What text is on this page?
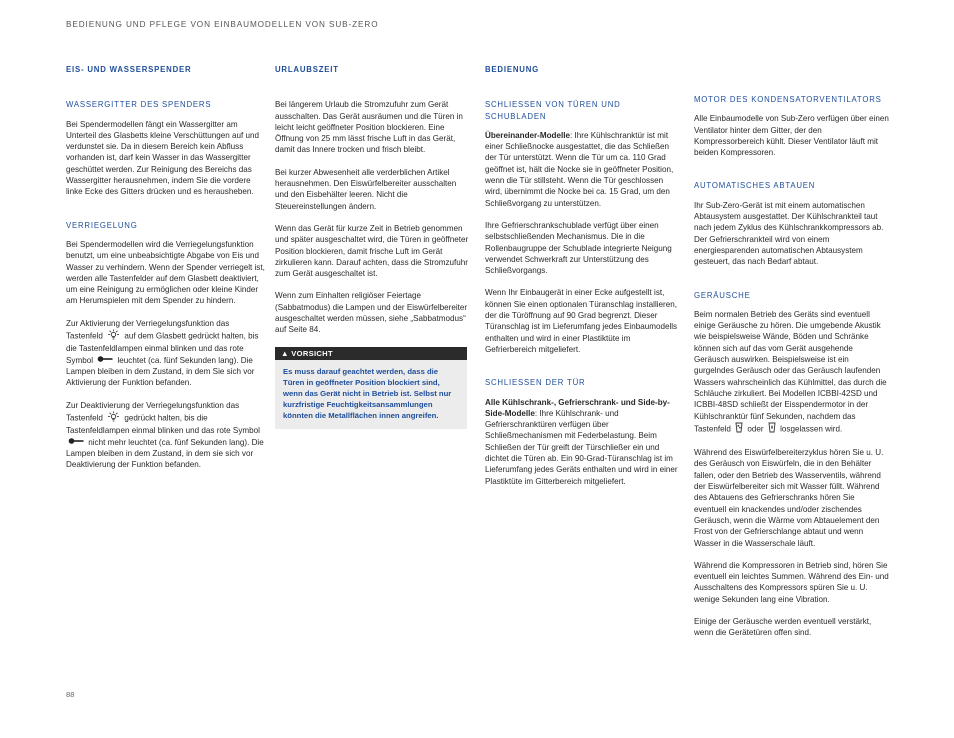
BEDIENUNG UND PFLEGE VON EINBAUMODELLEN VON SUB-ZERO
EIS- UND WASSERSPENDER
WASSERGITTER DES SPENDERS

Bei Spendermodellen fängt ein Wassergitter am Unterteil des Glasbetts kleine Verschüttungen auf und verdunstet sie. Da in diesem Bereich kein Abfluss vorhanden ist, darf kein Wasser in das Wassergitter geschüttet werden. Zur Reinigung des Bereichs das Wassergitter herausnehmen, indem Sie die vordere linke Ecke des Gitters drücken und es herausheben.

VERRIEGELUNG

Bei Spendermodellen wird die Verriegelungsfunktion benutzt, um eine unbeabsichtigte Abgabe von Eis und Wasser zu verhindern. Wenn der Spender verriegelt ist, werden alle Tastenfelder auf dem Glasbett deaktiviert, um eine Reinigung zu ermöglichen oder kleine Kinder am Herumspielen mit dem Spender zu hindern.

Zur Aktivierung der Verriegelungsfunktion das Tastenfeld	auf dem Glasbett gedrückt halten, bis die Tastenfeldlampen einmal blinken und das rote Symbol	leuchtet (ca. fünf Sekunden lang). Die Lampen bleiben in dem Zustand, in dem Sie sich vor Aktivierung der Funktion befanden.

Zur Deaktivierung der Verriegelungsfunktion das Tastenfeld	gedrückt halten, bis die Tastenfeldlampen einmal blinken und das rote Symbol  nicht mehr leuchtet (ca. fünf Sekunden lang). Die Lampen bleiben in dem Zustand, in dem sie sich vor Deaktivierung der Funktion befanden.

URLAUBSZEIT

Bei längerem Urlaub die Stromzufuhr zum Gerät ausschalten. Das Gerät ausräumen und die Türen in leicht leicht geöffneter Position blockieren. Eine Öffnung von 25 mm lässt frische Luft in das Gerät, damit das Innere trocken und frisch bleibt.

Bei kurzer Abwesenheit alle verderblichen Artikel herausnehmen. Den Eiswürfelbereiter ausschalten und den Eisbehälter leeren. Nicht die Steuereinstellungen ändern.

Wenn das Gerät für kurze Zeit in Betrieb genommen und später ausgeschaltet wird, die Türen in geöffneter Position blockieren, damit frische Luft im Gerät zirkulieren kann. Darauf achten, dass die Stromzufuhr zum Gerät ausgeschaltet ist.

Wenn zum Einhalten religiöser Feiertage (Sabbatmodus) die Lampen und der Eiswürfelbereiter ausgeschaltet werden müssen, siehe „Sabbatmodus“ auf Seite 84.

▲ VORSICHT
Es muss darauf geachtet werden, dass die Türen in geöffneter Position blockiert sind, wenn das Gerät nicht in Betrieb ist. Selbst nur kurzfristige Feuchtigkeitsansammlungen könnten die Metallflächen innen angreifen.
BEDIENUNG
SCHLIESSEN VON TÜREN UND SCHUBLADEN

Übereinander-Modelle: Ihre Kühlschranktür ist mit einer Schließnocke ausgestattet, die das Schließen der Tür unterstützt. Wenn die Tür um ca. 110 Grad geöffnet ist, hält die Nocke sie in geöffneter Position, wenn die Tür stillsteht. Wenn die Tür geschlossen wird, übernimmt die Nocke bei ca. 15 Grad, um den Schließvorgang zu unterstützen.

Ihre Gefrierschrankschublade verfügt über einen selbstschließenden Mechanismus. Die in die Rollenbaugruppe der Schublade integrierte Neigung verwendet Schwerkraft zur Unterstützung des Schließvorgangs.

Wenn Ihr Einbaugerät in einer Ecke aufgestellt ist, können Sie einen optionalen Türanschlag installieren, der die Türöffnung auf 90 Grad begrenzt. Dieser Türanschlag ist im Lieferumfang jedes Einbaumodells enthalten und wird in einer Plastiktüte im Gefrierbereich mitgeliefert.

SCHLIESSEN DER TÜR

Alle Kühlschrank-, Gefrierschrank- und Side-by-Side-Modelle: Ihre Kühlschrank- und Gefrierschranktüren verfügen über Schließmechanismen mit Federbelastung. Beim Schließen der Tür greift der Türschließer ein und dichtet die Türen ab. Ein 90-Grad-Türanschlag ist im Lieferumfang jedes Geräts enthalten und wird in einer Plastiktüte im Gitterbereich mitgeliefert.

MOTOR DES KONDENSATORVENTILATORS

Alle Einbaumodelle von Sub-Zero verfügen über einen Ventilator hinter dem Gitter, der den Kompressorbereich kühlt. Dieser Ventilator läuft mit beiden Kompressoren.

AUTOMATISCHES ABTAUEN

Ihr Sub-Zero-Gerät ist mit einem automatischen Abtausystem ausgestattet. Der Kühlschrankteil taut nach jedem Zyklus des Kühlschrankkompressors ab. Der Gefrierschrankteil wird von einem energiesparenden automatischen Abtausystem gesteuert, das nach Bedarf abtaut.

GERÄUSCHE

Beim normalen Betrieb des Geräts sind eventuell einige Geräusche zu hören. Die umgebende Akustik wie beispielsweise Wände, Böden und Schränke können sich auf das vom Gerät ausgehende Geräusch auswirken. Beispielsweise ist ein gurgelndes Geräusch oder das Geräusch laufenden Wassers wahrscheinlich das Kühlmittel, das durch die Schläuche zirkuliert. Bei Modellen ICBBI-42SD und ICBBI-48SD schließt der Eisspendermotor in der Kühlschranktür fünf Sekunden, nachdem das Tastenfeld oder losgelassen wird.

Während des Eiswürfelbereiterzyklus hören Sie u. U. des Geräusch von Eiswürfeln, die in den Behälter fallen, oder den Betrieb des Wasserventils, während der Eiswürfelbereiter sich mit Wasser füllt. Während des Abtauens des Gefrierschranks hören Sie eventuell ein knackendes und/oder zischendes Geräusch, wenn die Wärme vom Abtauelement den Frost von der Gefrierschlange abtaut und wenn Wasser in die Wasserschale läuft.

Während die Kompressoren in Betrieb sind, hören Sie eventuell ein leichtes Summen. Während des Ein- und Ausschaltens des Kompressors spüren Sie u. U. wenige Sekunden lang eine Vibration.

Einige der Geräusche werden eventuell verstärkt, wenn die Gerätetüren offen sind.

88
